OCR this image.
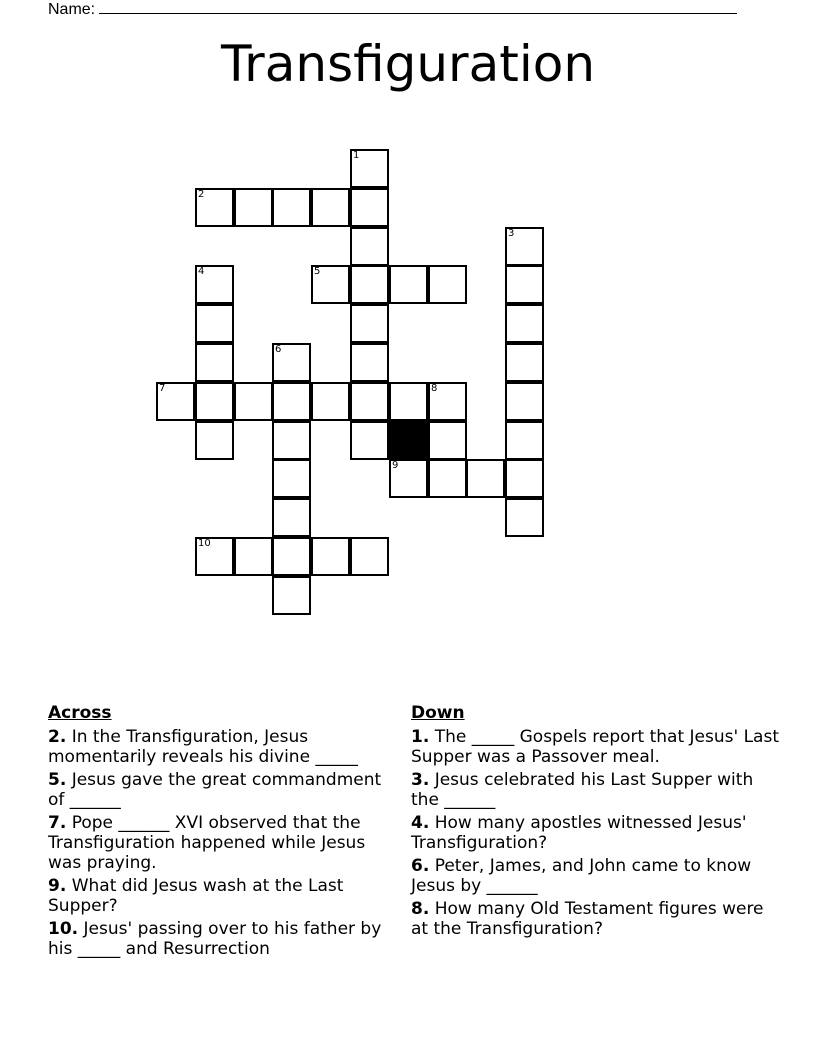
Name:
Transfiguration
1
2
3
4	5
6
7	8
9
10
Across
2. In the Transfiguration, Jesus momentarily reveals his divine _____
5. Jesus gave the great commandment of ______
7. Pope ______ XVI observed that the Transfiguration happened while Jesus was praying.
9. What did Jesus wash at the Last Supper?
10. Jesus' passing over to his father by his _____ and Resurrection
Down
1. The _____ Gospels report that Jesus' Last Supper was a Passover meal.
3. Jesus celebrated his Last Supper with the ______
4. How many apostles witnessed Jesus' Transfiguration?
6. Peter, James, and John came to know Jesus by ______
8. How many Old Testament figures were at the Transfiguration?
